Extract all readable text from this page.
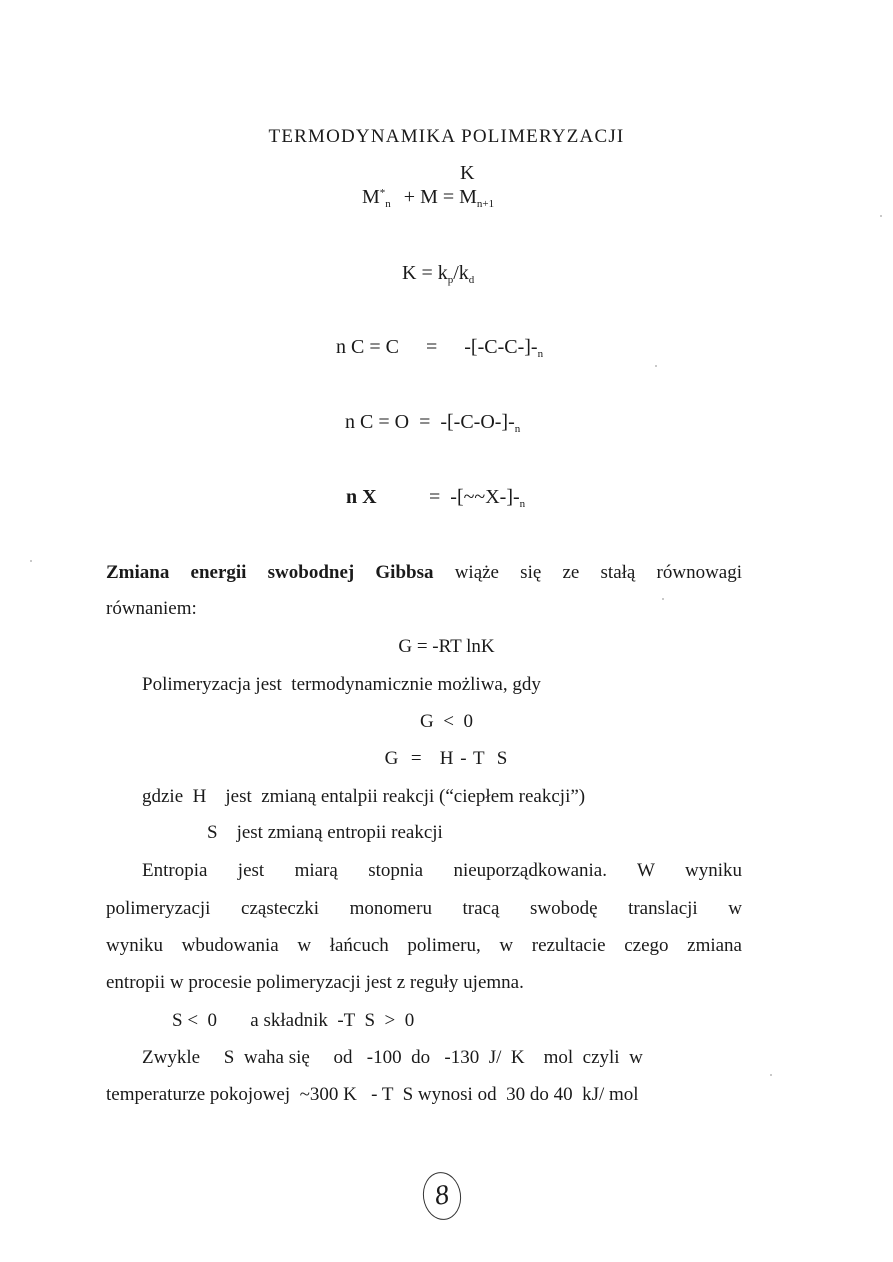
TERMODYNAMIKA POLIMERYZACJI
K
$M^*_n + M = M_{n+1}$
$K = k_p/k_d$
n $C = C = -[-C-C-]-_n$
n $C = O = -[-C-O-]-_n$
n X	=  $-[\sim\sim X-]-_n$
Zmiana energii swobodnej Gibbsa wiąże się ze stałą równowagi
równaniem:
G = -RT lnK
Polimeryzacja jest  termodynamicznie możliwa, gdy
G  <  0
G  =   H - T  S
gdzie  H    jest  zmianą entalpii reakcji (“ciepłem reakcji”)
S    jest zmianą entropii reakcji
Entropia jest miarą stopnia nieuporządkowania. W wyniku
polimeryzacji cząsteczki monomeru tracą swobodę translacji w
wyniku wbudowania w łańcuch polimeru, w rezultacie czego zmiana
entropii w procesie polimeryzacji jest z reguły ujemna.
S <  0       a składnik  -T  S  >  0
Zwykle     S  waha się     od   -100  do   -130  J/  K    mol  czyli  w
temperaturze pokojowej  ~300 K   - T  S wynosi od  30 do 40  kJ/ mol
8
